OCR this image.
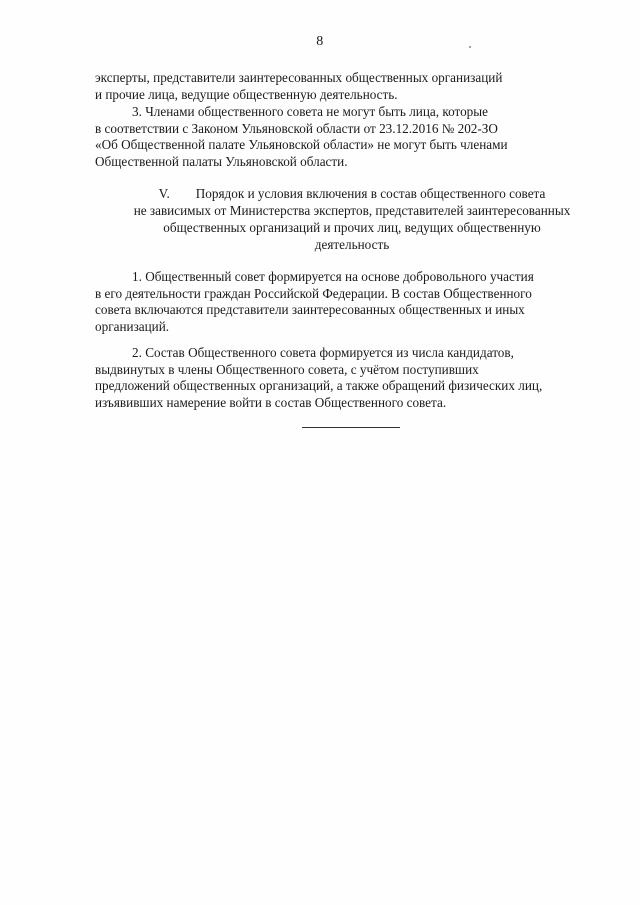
8
эксперты, представители заинтересованных общественных организаций
и прочие лица, ведущие общественную деятельность.
3. Членами общественного совета не могут быть лица, которые
в соответствии с Законом Ульяновской области от 23.12.2016 № 202-ЗО
«Об Общественной палате Ульяновской области» не могут быть членами
Общественной палаты Ульяновской области.
V. Порядок и условия включения в состав общественного совета
не зависимых от Министерства экспертов, представителей заинтересованных
общественных организаций и прочих лиц, ведущих общественную
деятельность
1. Общественный совет формируется на основе добровольного участия
в его деятельности граждан Российской Федерации. В состав Общественного
совета включаются представители заинтересованных общественных и иных
организаций.
2. Состав Общественного совета формируется из числа кандидатов,
выдвинутых в члены Общественного совета, с учётом поступивших
предложений общественных организаций, а также обращений физических лиц,
изъявивших намерение войти в состав Общественного совета.
